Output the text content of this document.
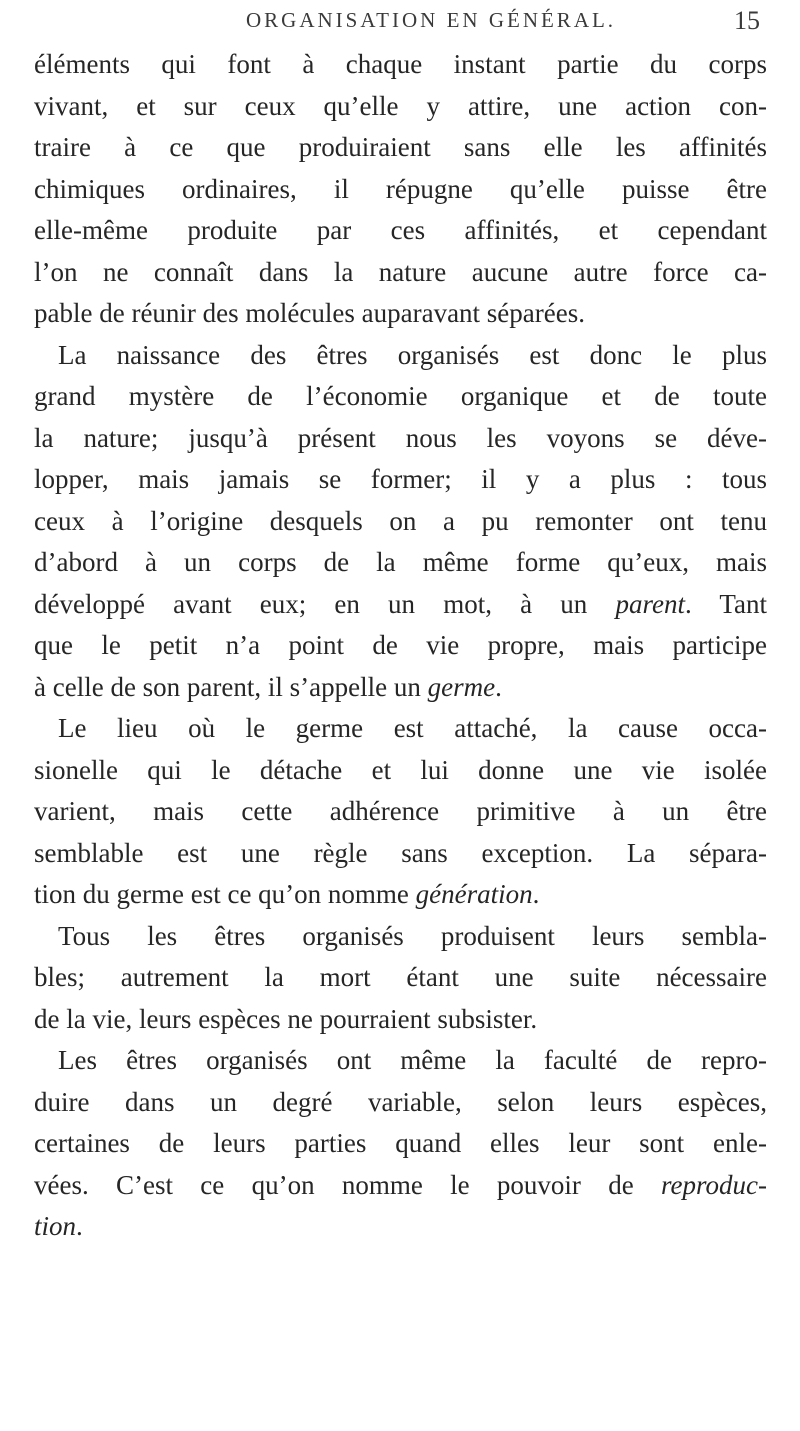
ORGANISATION EN GÉNÉRAL.	15
éléments qui font à chaque instant partie du corps
vivant, et sur ceux qu’elle y attire, une action con-
traire à ce que produiraient sans elle les affinités
chimiques ordinaires, il répugne qu’elle puisse être
elle-même produite par ces affinités, et cependant
l’on ne connaît dans la nature aucune autre force ca-
pable de réunir des molécules auparavant séparées.
La naissance des êtres organisés est donc le plus
grand mystère de l’économie organique et de toute
la nature; jusqu’à présent nous les voyons se déve-
lopper, mais jamais se former; il y a plus : tous
ceux à l’origine desquels on a pu remonter ont tenu
d’abord à un corps de la même forme qu’eux, mais
développé avant eux; en un mot, à un parent. Tant
que le petit n’a point de vie propre, mais participe
à celle de son parent, il s’appelle un germe.
Le lieu où le germe est attaché, la cause occa-
sionelle qui le détache et lui donne une vie isolée
varient, mais cette adhérence primitive à un être
semblable est une règle sans exception. La sépara-
tion du germe est ce qu’on nomme génération.
Tous les êtres organisés produisent leurs sembla-
bles; autrement la mort étant une suite nécessaire
de la vie, leurs espèces ne pourraient subsister.
Les êtres organisés ont même la faculté de repro-
duire dans un degré variable, selon leurs espèces,
certaines de leurs parties quand elles leur sont enle-
vées. C’est ce qu’on nomme le pouvoir de reproduc-
tion.
